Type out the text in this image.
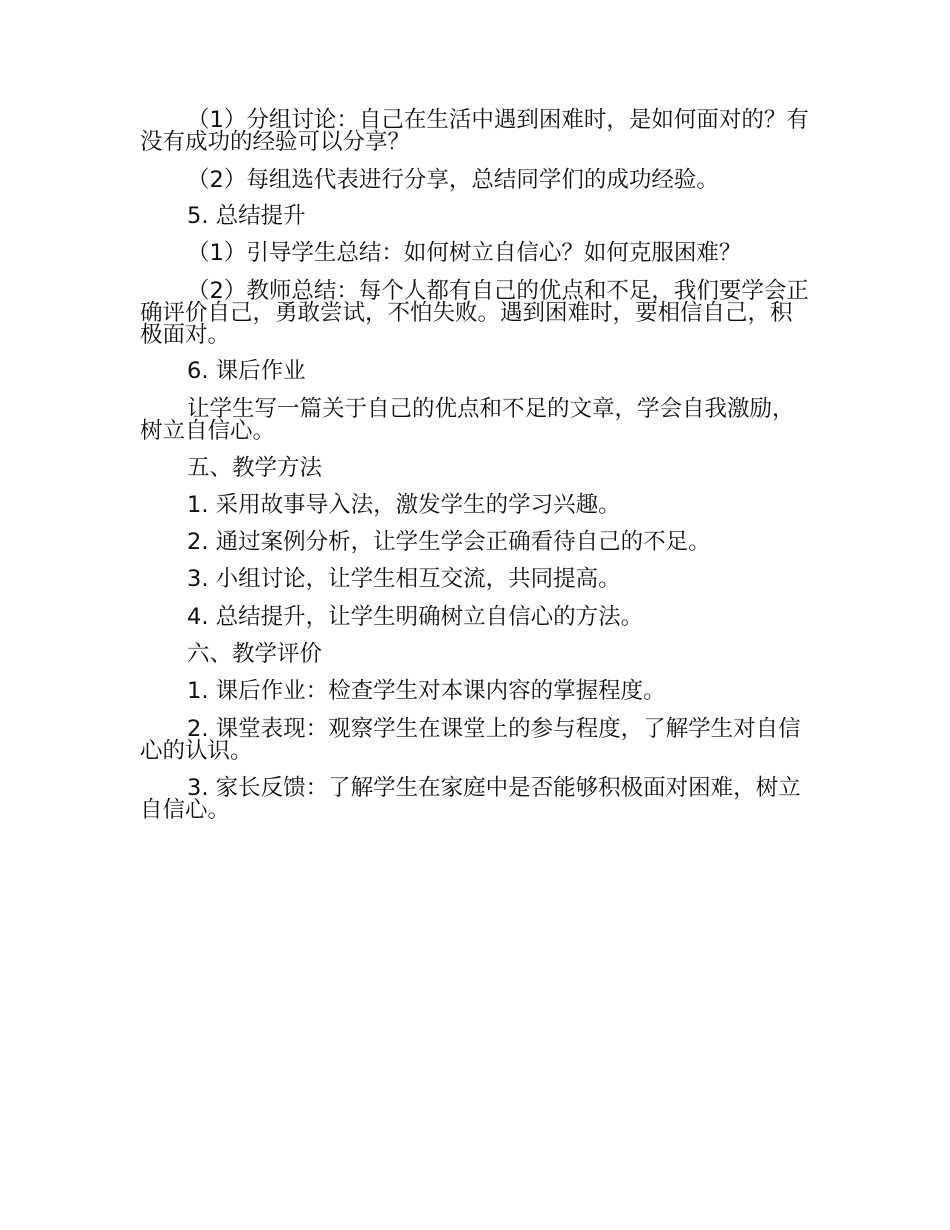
（1）分组讨论：自己在生活中遇到困难时，是如何面对的？有没有成功的经验可以分享？
（2）每组选代表进行分享，总结同学们的成功经验。
5. 总结提升
（1）引导学生总结：如何树立自信心？如何克服困难？
（2）教师总结：每个人都有自己的优点和不足，我们要学会正确评价自己，勇敢尝试，不怕失败。遇到困难时，要相信自己，积极面对。
6. 课后作业
让学生写一篇关于自己的优点和不足的文章，学会自我激励，树立自信心。
五、教学方法
1. 采用故事导入法，激发学生的学习兴趣。
2. 通过案例分析，让学生学会正确看待自己的不足。
3. 小组讨论，让学生相互交流，共同提高。
4. 总结提升，让学生明确树立自信心的方法。
六、教学评价
1. 课后作业：检查学生对本课内容的掌握程度。
2. 课堂表现：观察学生在课堂上的参与程度，了解学生对自信心的认识。
3. 家长反馈：了解学生在家庭中是否能够积极面对困难，树立自信心。
